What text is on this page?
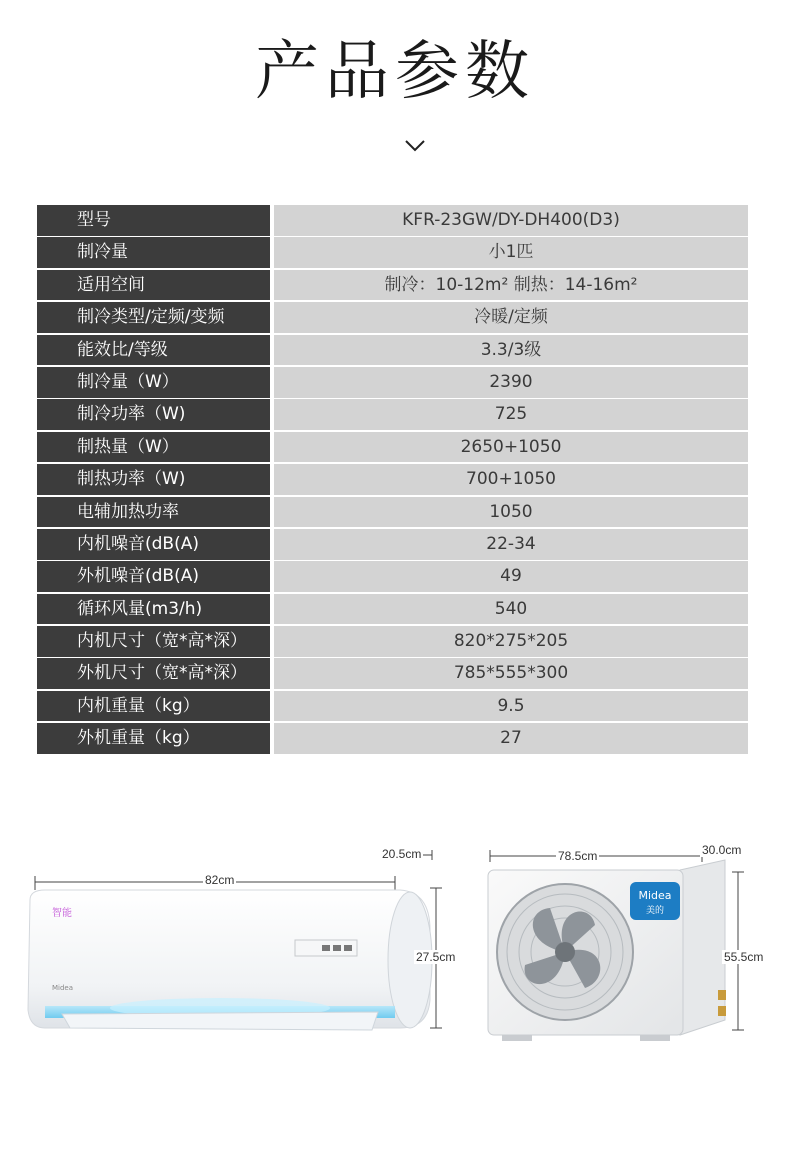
产品参数
型号	KFR-23GW/DY-DH400(D3)
制冷量	小1匹
适用空间	制冷：10-12m² 制热：14-16m²
制冷类型/定频/变频	冷暖/定频
能效比/等级	3.3/3级
制冷量（W）	2390
制冷功率（W)	725
制热量（W）	2650+1050
制热功率（W)	700+1050
电辅加热功率	1050
内机噪音(dB(A)	22-34
外机噪音(dB(A)	49
循环风量(m3/h)	540
内机尺寸（宽*高*深）	820*275*205
外机尺寸（宽*高*深）	785*555*300
内机重量（kg）	9.5
外机重量（kg）	27
智能
Midea
82cm
20.5cm
27.5cm
Midea
美的
78.5cm	30.0cm
55.5cm
